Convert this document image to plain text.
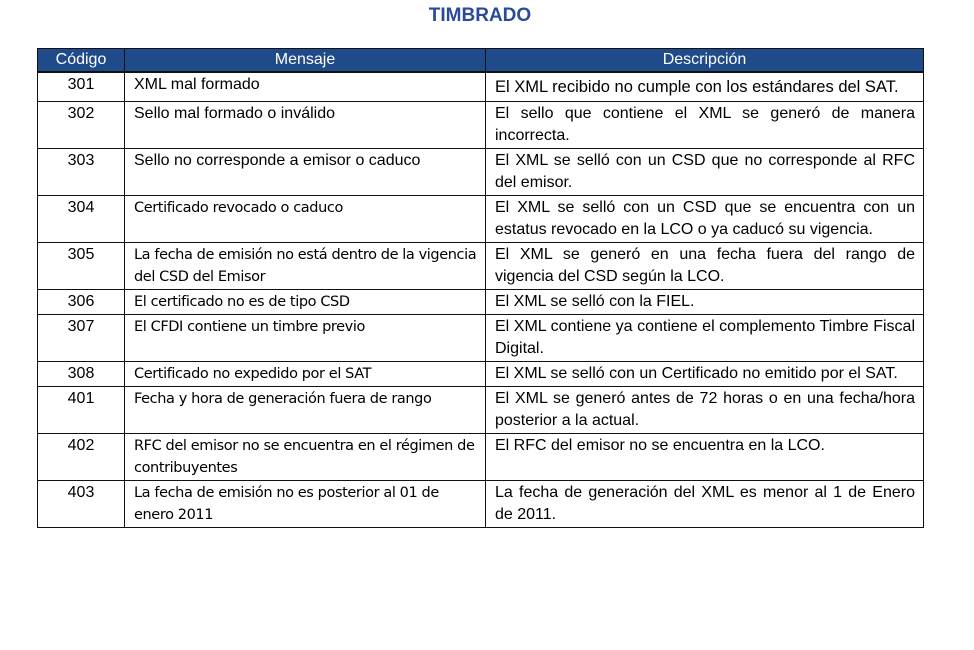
TIMBRADO
Código	Mensaje	Descripción
301	XML mal formado	El XML recibido no cumple con los estándares del SAT.
302	Sello mal formado o inválido	El sello que contiene el XML se generó de manera incorrecta.
303	Sello no corresponde a emisor o caduco	El XML se selló con un CSD que no corresponde al RFC del emisor.
304	Certificado revocado o caduco	El XML se selló con un CSD que se encuentra con un estatus revocado en la LCO o ya caducó su vigencia.
305	La fecha de emisión no está dentro de la vigencia del CSD del Emisor	El XML se generó en una fecha fuera del rango de vigencia del CSD según la LCO.
306	El certificado no es de tipo CSD	El XML se selló con la FIEL.
307	El CFDI contiene un timbre previo	El XML contiene ya contiene el complemento Timbre Fiscal Digital.
308	Certificado no expedido por el SAT	El XML se selló con un Certificado no emitido por el SAT.
401	Fecha y hora de generación fuera de rango	El XML se generó antes de 72 horas o en una fecha/hora posterior a la actual.
402	RFC del emisor no se encuentra en el régimen de contribuyentes	El RFC del emisor no se encuentra en la LCO.
403	La fecha de emisión no es posterior al 01 de enero 2011	La fecha de generación del XML es menor al 1 de Enero de 2011.
